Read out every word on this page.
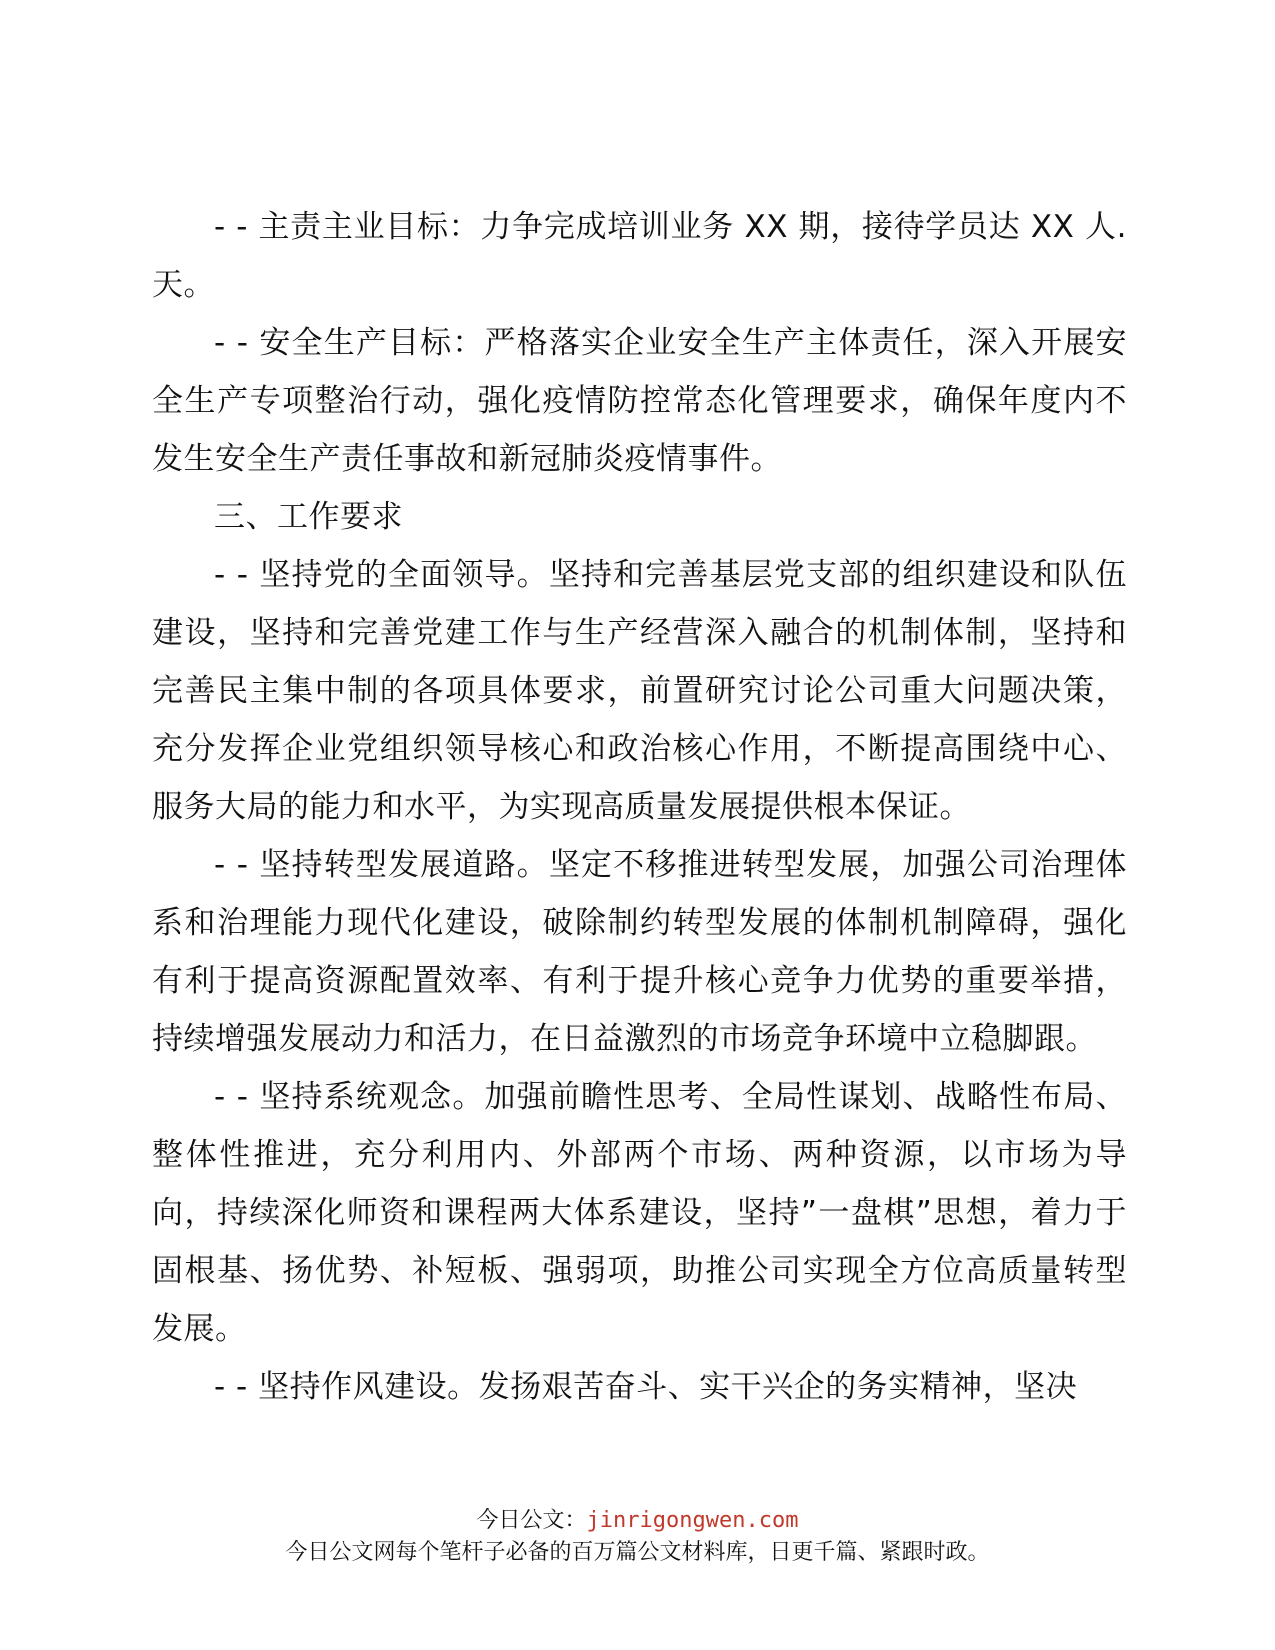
- - 主责主业目标：力争完成培训业务 XX 期，接待学员达 XX 人.天。

- - 安全生产目标：严格落实企业安全生产主体责任，深入开展安全生产专项整治行动，强化疫情防控常态化管理要求，确保年度内不发生安全生产责任事故和新冠肺炎疫情事件。

三、工作要求

- - 坚持党的全面领导。坚持和完善基层党支部的组织建设和队伍建设，坚持和完善党建工作与生产经营深入融合的机制体制，坚持和完善民主集中制的各项具体要求，前置研究讨论公司重大问题决策，充分发挥企业党组织领导核心和政治核心作用，不断提高围绕中心、服务大局的能力和水平，为实现高质量发展提供根本保证。

- - 坚持转型发展道路。坚定不移推进转型发展，加强公司治理体系和治理能力现代化建设，破除制约转型发展的体制机制障碍，强化有利于提高资源配置效率、有利于提升核心竞争力优势的重要举措，持续增强发展动力和活力，在日益激烈的市场竞争环境中立稳脚跟。

- - 坚持系统观念。加强前瞻性思考、全局性谋划、战略性布局、整体性推进，充分利用内、外部两个市场、两种资源，以市场为导向，持续深化师资和课程两大体系建设，坚持”一盘棋”思想，着力于固根基、扬优势、补短板、强弱项，助推公司实现全方位高质量转型发展。

- - 坚持作风建设。发扬艰苦奋斗、实干兴企的务实精神，坚决

今日公文：jinrigongwen.com
今日公文网每个笔杆子必备的百万篇公文材料库，日更千篇、紧跟时政。
